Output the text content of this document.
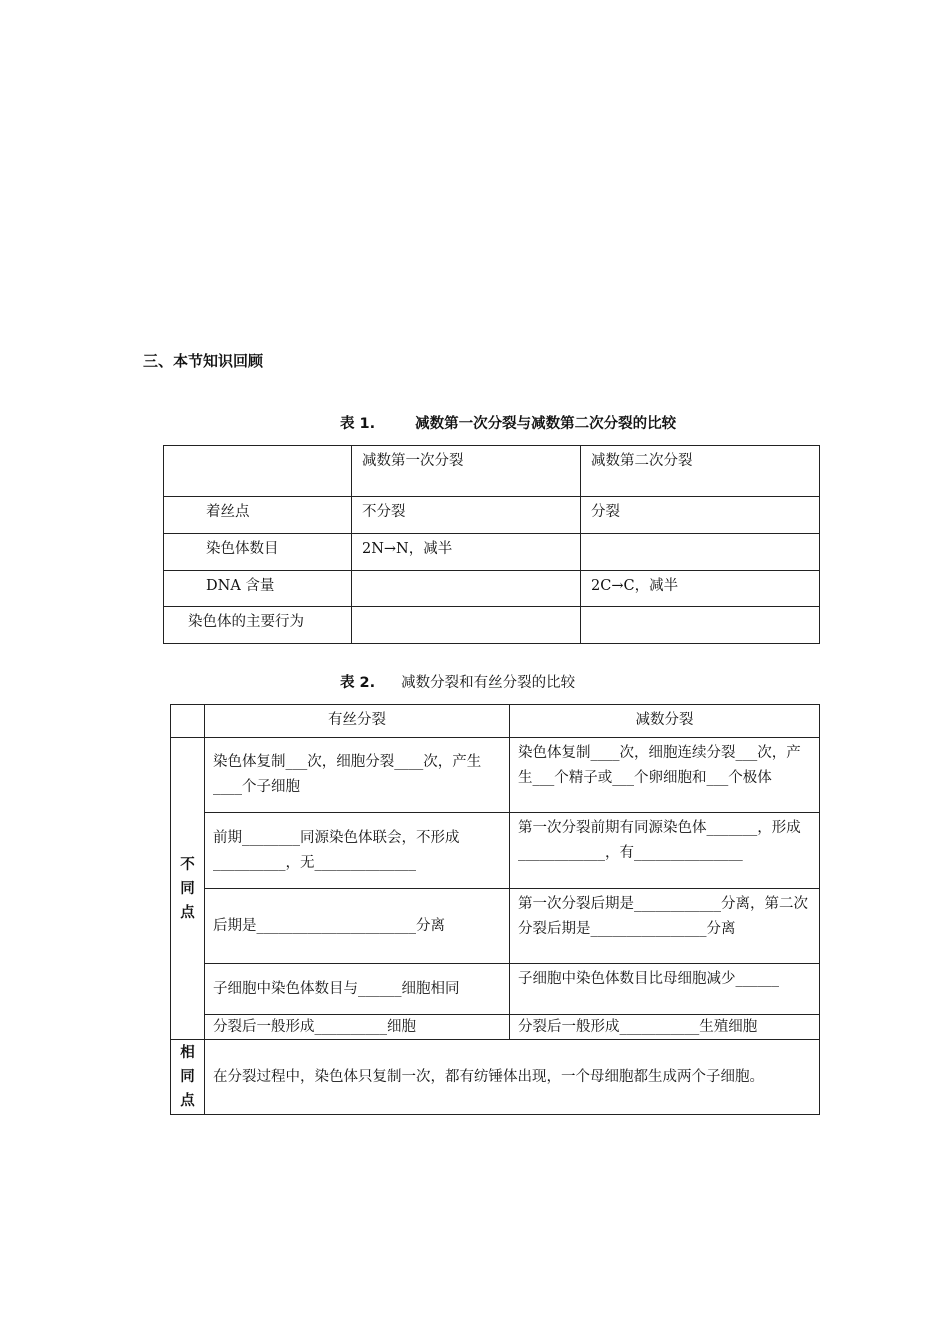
三、本节知识回顾
表 1.	减数第一次分裂与减数第二次分裂的比较
	减数第一次分裂	减数第二次分裂
着丝点	不分裂	分裂
染色体数目	2N→N，减半	
DNA 含量		2C→C，减半
染色体的主要行为		
表 2. 减数分裂和有丝分裂的比较
	有丝分裂	减数分裂

不
同
点	染色体复制___次，细胞分裂____次，产生____个子细胞	染色体复制____次，细胞连续分裂___次，产生___个精子或___个卵细胞和___个极体
	前期________同源染色体联会，不形成__________，无______________	第一次分裂前期有同源染色体_______，形成____________，有_______________
	后期是______________________分离	第一次分裂后期是____________分离，第二次分裂后期是________________分离
	子细胞中染色体数目与______细胞相同	子细胞中染色体数目比母细胞减少______
	分裂后一般形成__________细胞	分裂后一般形成___________生殖细胞

相
同
点	在分裂过程中，染色体只复制一次，都有纺锤体出现，一个母细胞都生成两个子细胞。	
